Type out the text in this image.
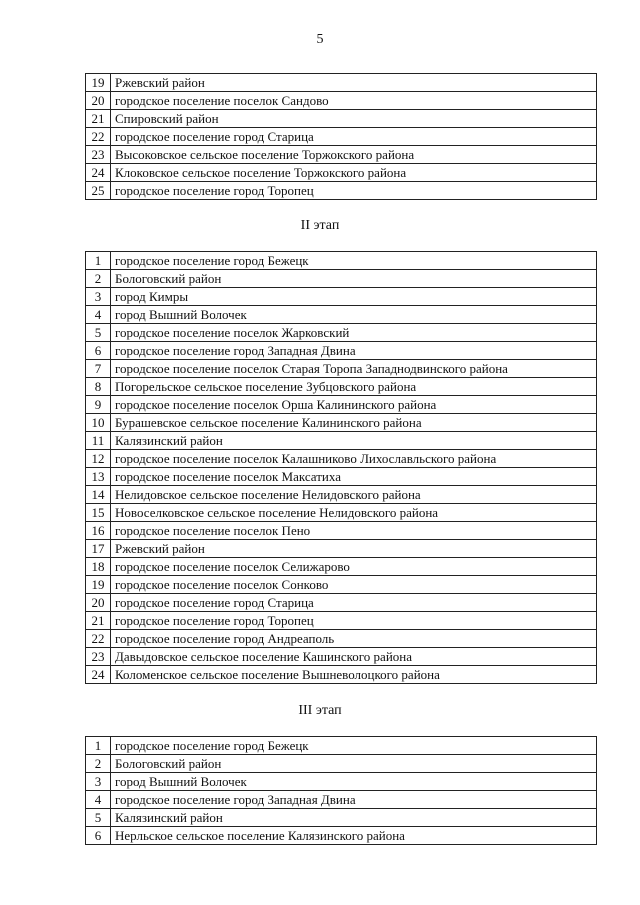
5
19	Ржевский район
20	городское поселение поселок Сандово
21	Спировский район
22	городское поселение город Старица
23	Высоковское сельское поселение Торжокского района
24	Клоковское сельское поселение Торжокского района
25	городское поселение город Торопец
II этап
1	городское поселение город Бежецк
2	Бологовский район
3	город Кимры
4	город Вышний Волочек
5	городское поселение поселок Жарковский
6	городское поселение город Западная Двина
7	городское поселение поселок Старая Торопа Западнодвинского района
8	Погорельское сельское поселение Зубцовского района
9	городское поселение поселок Орша Калининского района
10	Бурашевское сельское поселение Калининского района
11	Калязинский район
12	городское поселение поселок Калашниково Лихославльского района
13	городское поселение поселок Максатиха
14	Нелидовское сельское поселение Нелидовского района
15	Новоселковское сельское поселение Нелидовского района
16	городское поселение поселок Пено
17	Ржевский район
18	городское поселение поселок Селижарово
19	городское поселение поселок Сонково
20	городское поселение город Старица
21	городское поселение город Торопец
22	городское поселение город Андреаполь
23	Давыдовское сельское поселение Кашинского района
24	Коломенское сельское поселение Вышневолоцкого района
III этап
1	городское поселение город Бежецк
2	Бологовский район
3	город Вышний Волочек
4	городское поселение город Западная Двина
5	Калязинский район
6	Нерльское сельское поселение Калязинского района
